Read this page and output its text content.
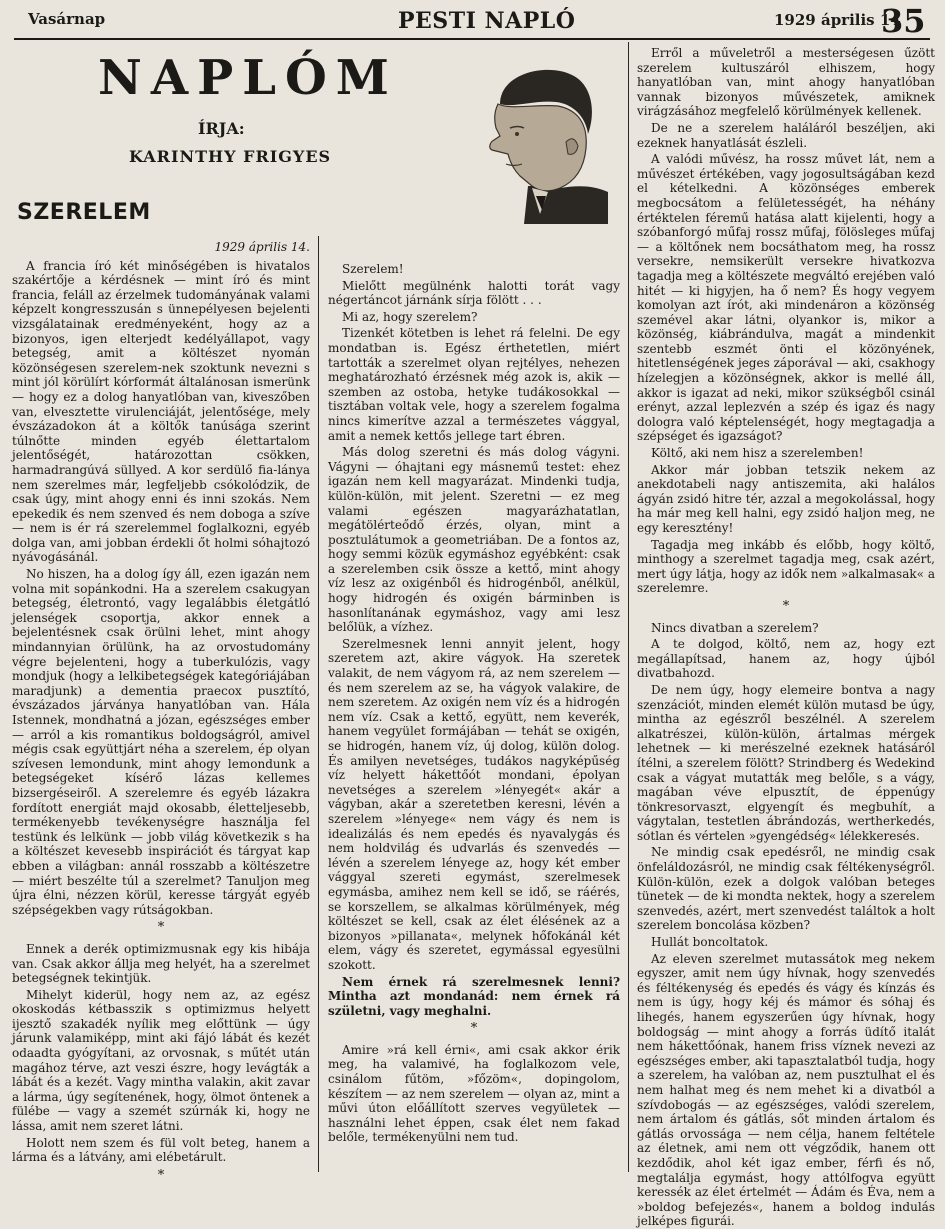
Vasárnap	PESTI NAPLÓ	1929 április 14
35
NAPLÓM
ÍRJA:
KARINTHY FRIGYES
SZERELEM

1929 április 14.

A francia író két minőségében is hivatalos szakértője a kérdésnek — mint író és mint francia, feláll az érzelmek tudományának valami képzelt kongresszusán s ünnepélyesen bejelenti vizsgálatainak eredményeként, hogy az a bizonyos, igen elterjedt kedélyállapot, vagy betegség, amit a költészet nyomán közönségesen szerelem-nek szoktunk nevezni s mint jól körülírt kórformát általánosan ismerünk — hogy ez a dolog hanyatlóban van, kiveszőben van, elvesztette virulenciáját, jelentősége, mely évszázadokon át a költők tanúsága szerint túlnőtte minden egyéb élettartalom jelentőségét, határozottan csökken, harmadrangúvá süllyed. A kor serdülő fia-lánya nem szerelmes már, legfeljebb csókolódzik, de csak úgy, mint ahogy enni és inni szokás. Nem epekedik és nem szenved és nem doboga a szíve — nem is ér rá szerelemmel foglalkozni, egyéb dolga van, ami jobban érdekli őt holmi sóhajtozó nyávogásánál.

No hiszen, ha a dolog így áll, ezen igazán nem volna mit sopánkodni. Ha a szerelem csakugyan betegség, életrontó, vagy legalábbis életgátló jelenségek csoportja, akkor ennek a bejelentésnek csak örülni lehet, mint ahogy mindannyian örülünk, ha az orvostudomány végre bejelenteni, hogy a tuberkulózis, vagy mondjuk (hogy a lelkibetegségek kategóriájában maradjunk) a dementia praecox pusztító, évszázados járványa hanyatlóban van. Hála Istennek, mondhatná a józan, egészséges ember — arról a kis romantikus boldogságról, amivel mégis csak együttjárt néha a szerelem, ép olyan szívesen lemondunk, mint ahogy lemondunk a betegségeket kísérő lázas kellemes bizsergéseiről. A szerelemre és egyéb lázakra fordított energiát majd okosabb, életteljesebb, termékenyebb tevékenységre használja fel testünk és lelkünk — jobb világ következik s ha a költészet kevesebb inspirációt és tárgyat kap ebben a világban: annál rosszabb a költészetre — miért beszélte túl a szerelmet? Tanuljon meg újra élni, nézzen körül, keresse tárgyát egyéb szépségekben vagy rútságokban.

*

Ennek a derék optimizmusnak egy kis hibája van. Csak akkor állja meg helyét, ha a szerelmet betegségnek tekintjük.

Mihelyt kiderül, hogy nem az, az egész okoskodás kétbasszik s optimizmus helyett ijesztő szakadék nyílik meg előttünk — úgy járunk valamiképp, mint aki fájó lábát és kezét odaadta gyógyítani, az orvosnak, s műtét után magához térve, azt veszi észre, hogy levágták a lábát és a kezét. Vagy mintha valakin, akit zavar a lárma, úgy segítenének, hogy, ölmot öntenek a fülébe — vagy a szemét szúrnák ki, hogy ne lássa, amit nem szeret látni.

Holott nem szem és fül volt beteg, hanem a lárma és a látvány, ami elébetárult.

*

Szerelem!

Mielőtt megülnénk halotti torát vagy négertáncot járnánk sírja fölött . . .

Mi az, hogy szerelem?

Tizenkét kötetben is lehet rá felelni. De egy mondatban is. Egész érthetetlen, miért tartották a szerelmet olyan rejtélyes, nehezen meghatározható érzésnek még azok is, akik — szemben az ostoba, hetyke tudákosokkal — tisztában voltak vele, hogy a szerelem fogalma nincs kimerítve azzal a természetes vággyal, amit a nemek kettős jellege tart ébren.

Más dolog szeretni és más dolog vágyni. Vágyni — óhajtani egy másnemű testet: ehez igazán nem kell magyarázat. Mindenki tudja, külön-külön, mit jelent. Szeretni — ez meg valami egészen magyarázhatatlan, megátölérteődő érzés, olyan, mint a posztulátumok a geometriában. De a fontos az, hogy semmi közük egymáshoz egyébként: csak a szerelemben csik össze a kettő, mint ahogy víz lesz az oxigénből és hidrogénből, anélkül, hogy hidrogén és oxigén bárminben is hasonlítanának egymáshoz, vagy ami lesz belőlük, a vízhez.

Szerelmesnek lenni annyit jelent, hogy szeretem azt, akire vágyok. Ha szeretek valakit, de nem vágyom rá, az nem szerelem — és nem szerelem az se, ha vágyok valakire, de nem szeretem. Az oxigén nem víz és a hidrogén nem víz. Csak a kettő, együtt, nem keverék, hanem vegyület formájában — tehát se oxigén, se hidrogén, hanem víz, új dolog, külön dolog. És amilyen nevetséges, tudákos nagyképűség víz helyett hákettőót mondani, épolyan nevetséges a szerelem »lényegét« akár a vágyban, akár a szeretetben keresni, lévén a szerelem »lényege« nem vágy és nem is idealizálás és nem epedés és nyavalygás és nem holdvilág és udvarlás és szenvedés — lévén a szerelem lényege az, hogy két ember vággyal szereti egymást, szerelmesek egymásba, amihez nem kell se idő, se ráérés, se korszellem, se alkalmas körülmények, még költészet se kell, csak az élet élésének az a bizonyos »pillanata«, melynek hőfokánál két elem, vágy és szeretet, egymással egyesülni szokott.

Nem érnek rá szerelmesnek lenni? Mintha azt mondanád: nem érnek rá születni, vagy meghalni.

*

Amire »rá kell érni«, ami csak akkor érik meg, ha valamivé, ha foglalkozom vele, csinálom fűtöm, »főzöm«, dopingolom, készítem — az nem szerelem — olyan az, mint a művi úton előállított szerves vegyületek — használni lehet éppen, csak élet nem fakad belőle, termékenyülni nem tud.

Erről a műveletről a mesterségesen űzött szerelem kultuszáról elhiszem, hogy hanyatlóban van, mint ahogy hanyatlóban vannak bizonyos művészetek, amiknek virágzásához megfelelő körülmények kellenek.

De ne a szerelem haláláról beszéljen, aki ezeknek hanyatlását észleli.

A valódi művész, ha rossz művet lát, nem a művészet értékében, vagy jogosultságában kezd el kételkedni. A közönséges emberek megbocsátom a felületességét, ha néhány értéktelen féremű hatása alatt kijelenti, hogy a szóbanforgó műfaj rossz műfaj, fölösleges műfaj — a költőnek nem bocsáthatom meg, ha rossz versekre, nemsikerült versekre hivatkozva tagadja meg a költészete megváltó erejében való hitét — ki higyjen, ha ő nem? És hogy vegyem komolyan azt írót, aki mindenáron a közönség szemével akar látni, olyankor is, mikor a közönség, kiábrándulva, magát a mindenkit szentebb eszmét önti el közönyének, hitetlenségének jeges záporával — aki, csakhogy hízelegjen a közönségnek, akkor is mellé áll, akkor is igazat ad neki, mikor szükségből csinál erényt, azzal leplezvén a szép és igaz és nagy dologra való képtelenségét, hogy megtagadja a szépséget és igazságot?

Költő, aki nem hisz a szerelemben!

Akkor már jobban tetszik nekem az anekdotabeli nagy antiszemita, aki halálos ágyán zsidó hitre tér, azzal a megokolással, hogy ha már meg kell halni, egy zsidó haljon meg, ne egy keresztény!

Tagadja meg inkább és előbb, hogy költő, minthogy a szerelmet tagadja meg, csak azért, mert úgy látja, hogy az idők nem »alkalmasak« a szerelemre.

*

Nincs divatban a szerelem?

A te dolgod, költő, nem az, hogy ezt megállapítsad, hanem az, hogy újból divatbahozd.

De nem úgy, hogy elemeire bontva a nagy szenzációt, minden elemét külön mutasd be úgy, mintha az egészről beszélnél. A szerelem alkatrészei, külön-külön, ártalmas mérgek lehetnek — ki merészelné ezeknek hatásáról ítélni, a szerelem fölött? Strindberg és Wedekind csak a vágyat mutatták meg belőle, s a vágy, magában véve elpusztít, de éppenúgy tönkresorvaszt, elgyengít és megbuhít, a vágytalan, testetlen ábrándozás, wertherkedés, sótlan és vértelen »gyengédség« lélekkeresés.

Ne mindig csak epedésről, ne mindig csak önfeláldozásról, ne mindig csak féltékenységről. Külön-külön, ezek a dolgok valóban beteges tünetek — de ki mondta nektek, hogy a szerelem szenvedés, azért, mert szenvedést találtok a holt szerelem boncolása közben?

Hullát boncoltatok.

Az eleven szerelmet mutassátok meg nekem egyszer, amit nem úgy hívnak, hogy szenvedés és féltékenység és epedés és vágy és kínzás és nem is úgy, hogy kéj és mámor és sóhaj és lihegés, hanem egyszerűen úgy hívnak, hogy boldogság — mint ahogy a forrás üdítő italát nem hákettőónak, hanem friss víznek nevezi az egészséges ember, aki tapasztalatból tudja, hogy a szerelem, ha valóban az, nem pusztulhat el és nem halhat meg és nem mehet ki a divatból a szívdobogás — az egészséges, valódi szerelem, nem ártalom és gátlás, sőt minden ártalom és gátlás orvossága — nem célja, hanem feltétele az életnek, ami nem ott végződik, hanem ott kezdődik, ahol két igaz ember, férfi és nő, megtalálja egymást, hogy attólfogva együtt keressék az élet értelmét — Ádám és Éva, nem a »boldog befejezés«, hanem a boldog indulás jelképes figurái.
